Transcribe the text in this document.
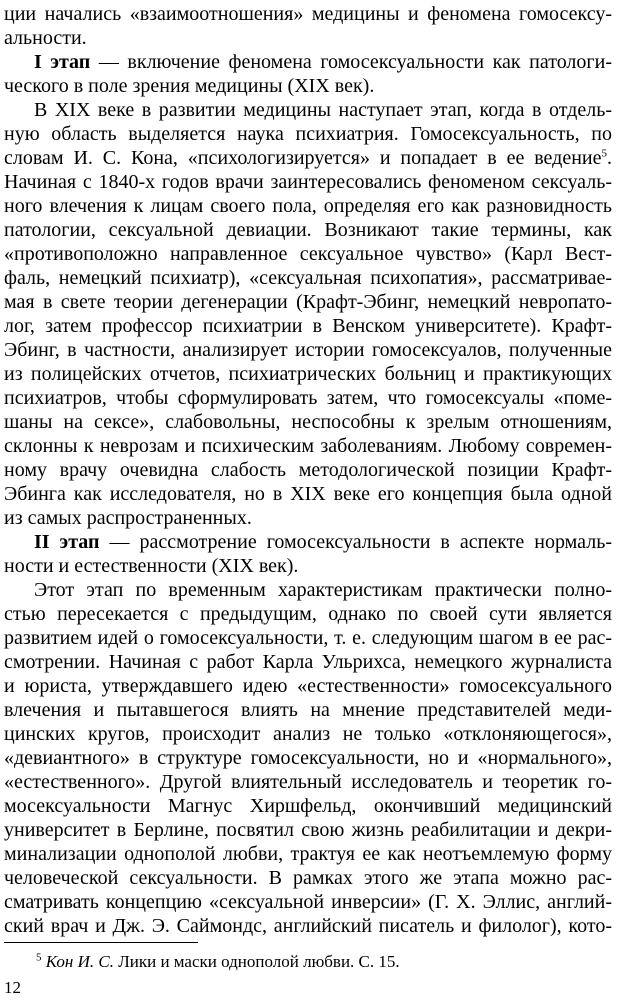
ции начались «взаимоотношения» медицины и феномена гомосексу-
альности.
I этап — включение феномена гомосексуальности как патологи-
ческого в поле зрения медицины (XIX век).
В XIX веке в развитии медицины наступает этап, когда в отдель-
ную область выделяется наука психиатрия. Гомосексуальность, по
словам И. С. Кона, «психологизируется» и попадает в ее ведение$^5$.
Начиная с 1840-х годов врачи заинтересовались феноменом сексуаль-
ного влечения к лицам своего пола, определяя его как разновидность
патологии, сексуальной девиации. Возникают такие термины, как
«противоположно направленное сексуальное чувство» (Карл Вест-
фаль, немецкий психиатр), «сексуальная психопатия», рассматривае-
мая в свете теории дегенерации (Крафт-Эбинг, немецкий невропато-
лог, затем профессор психиатрии в Венском университете). Крафт-
Эбинг, в частности, анализирует истории гомосексуалов, полученные
из полицейских отчетов, психиатрических больниц и практикующих
психиатров, чтобы сформулировать затем, что гомосексуалы «поме-
шаны на сексе», слабовольны, неспособны к зрелым отношениям,
склонны к неврозам и психическим заболеваниям. Любому современ-
ному врачу очевидна слабость методологической позиции Крафт-
Эбинга как исследователя, но в XIX веке его концепция была одной
из самых распространенных.
II этап — рассмотрение гомосексуальности в аспекте нормаль-
ности и естественности (XIX век).
Этот этап по временным характеристикам практически полно-
стью пересекается с предыдущим, однако по своей сути является
развитием идей о гомосексуальности, т. е. следующим шагом в ее рас-
смотрении. Начиная с работ Карла Ульрихса, немецкого журналиста
и юриста, утверждавшего идею «естественности» гомосексуального
влечения и пытавшегося влиять на мнение представителей меди-
цинских кругов, происходит анализ не только «отклоняющегося»,
«девиантного» в структуре гомосексуальности, но и «нормального»,
«естественного». Другой влиятельный исследователь и теоретик го-
мосексуальности Магнус Хиршфельд, окончивший медицинский
университет в Берлине, посвятил свою жизнь реабилитации и декри-
минализации однополой любви, трактуя ее как неотъемлемую форму
человеческой сексуальности. В рамках этого же этапа можно рас-
сматривать концепцию «сексуальной инверсии» (Г. Х. Эллис, англий-
ский врач и Дж. Э. Саймондс, английский писатель и филолог), кото-
$^5$ Кон И. С. Лики и маски однополой любви. С. 15.
12
